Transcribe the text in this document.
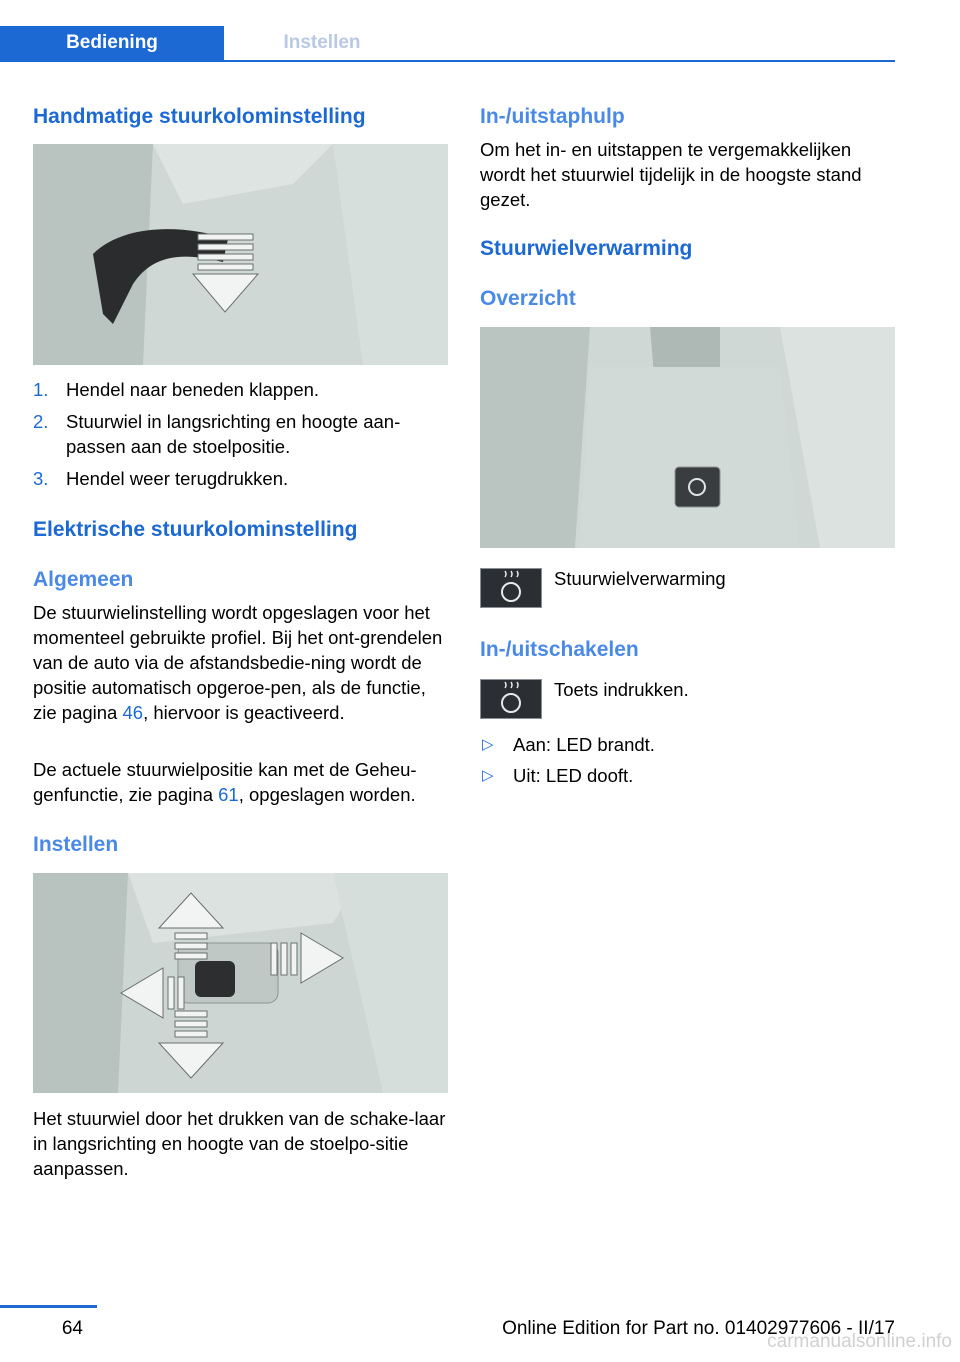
Bediening	Instellen
Handmatige stuurkolominstelling
1. Hendel naar beneden klappen.
2. Stuurwiel in langsrichting en hoogte aan‐passen aan de stoelpositie.
3. Hendel weer terugdrukken.
Elektrische stuurkolominstelling
Algemeen

De stuurwielinstelling wordt opgeslagen voor het momenteel gebruikte profiel. Bij het ont‐grendelen van de auto via de afstandsbedie‐ning wordt de positie automatisch opgeroe‐pen, als de functie, zie pagina 46, hiervoor is geactiveerd.

De actuele stuurwielpositie kan met de Geheu‐genfunctie, zie pagina 61, opgeslagen worden.

Instellen

Het stuurwiel door het drukken van de schake‐laar in langsrichting en hoogte van de stoelpo‐sitie aanpassen.

In-/uitstaphulp

Om het in- en uitstappen te vergemakkelijken wordt het stuurwiel tijdelijk in de hoogste stand gezet.

Stuurwielverwarming
Overzicht
Stuurwielverwarming
In-/uitschakelen
Toets indrukken.
▷ Aan: LED brandt.
▷ Uit: LED dooft.
64	Online Edition for Part no. 01402977606 - II/17
carmanualsonline.info
